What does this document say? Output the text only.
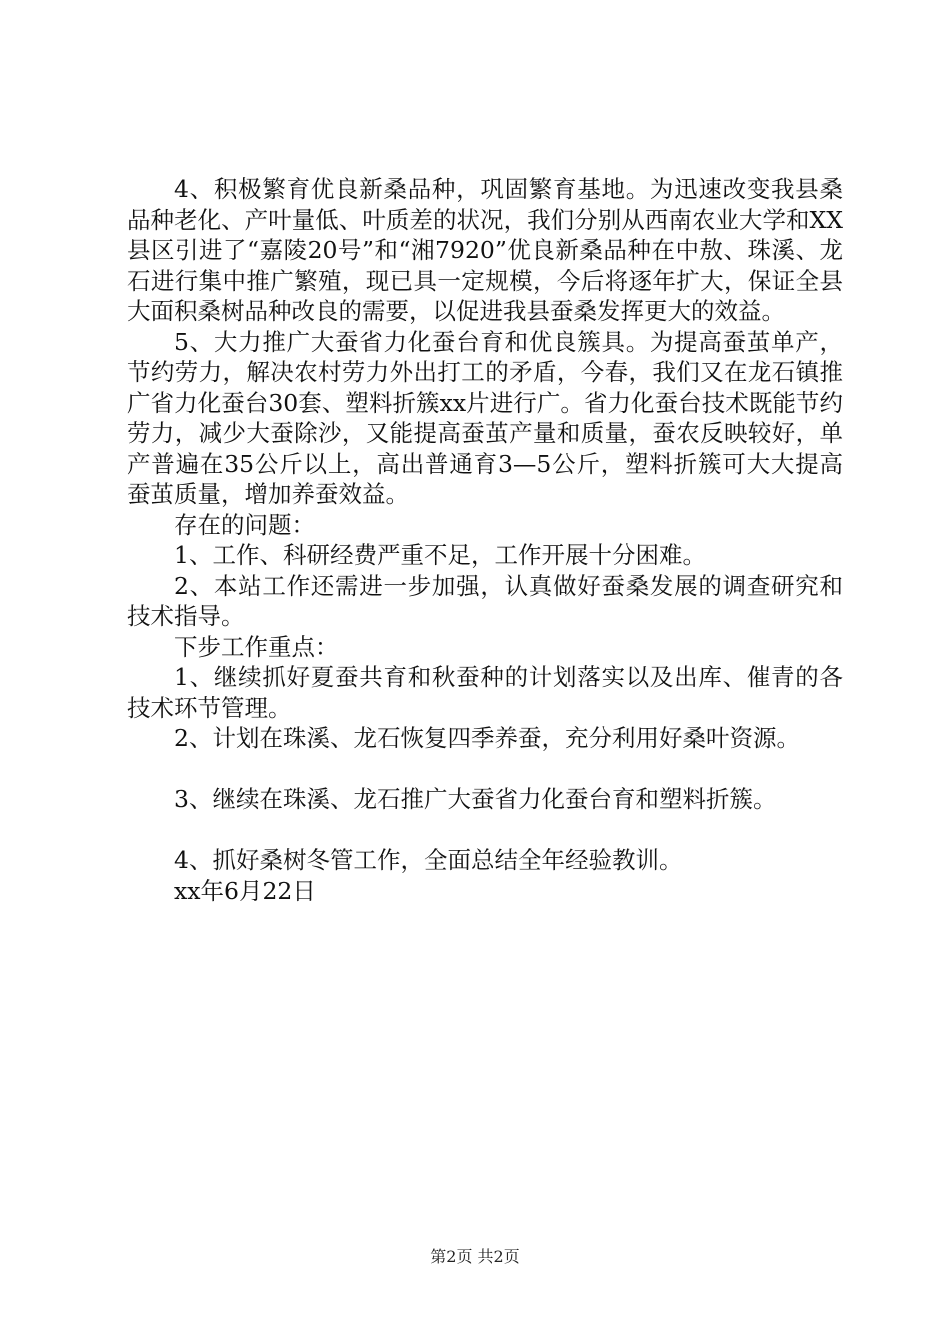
4、积极繁育优良新桑品种，巩固繁育基地。为迅速改变我县桑品种老化、产叶量低、叶质差的状况，我们分别从西南农业大学和XX县区引进了“嘉陵20号”和“湘7920”优良新桑品种在中敖、珠溪、龙石进行集中推广繁殖，现已具一定规模，今后将逐年扩大，保证全县大面积桑树品种改良的需要，以促进我县蚕桑发挥更大的效益。

5、大力推广大蚕省力化蚕台育和优良簇具。为提高蚕茧单产，节约劳力，解决农村劳力外出打工的矛盾，今春，我们又在龙石镇推广省力化蚕台30套、塑料折簇xx片进行广。省力化蚕台技术既能节约劳力，减少大蚕除沙，又能提高蚕茧产量和质量，蚕农反映较好，单产普遍在35公斤以上，高出普通育3—5公斤，塑料折簇可大大提高蚕茧质量，增加养蚕效益。

存在的问题：

1、工作、科研经费严重不足，工作开展十分困难。

2、本站工作还需进一步加强，认真做好蚕桑发展的调查研究和技术指导。

下步工作重点：

1、继续抓好夏蚕共育和秋蚕种的计划落实以及出库、催青的各技术环节管理。

2、计划在珠溪、龙石恢复四季养蚕，充分利用好桑叶资源。

3、继续在珠溪、龙石推广大蚕省力化蚕台育和塑料折簇。

4、抓好桑树冬管工作，全面总结全年经验教训。

xx年6月22日

第2页 共2页
